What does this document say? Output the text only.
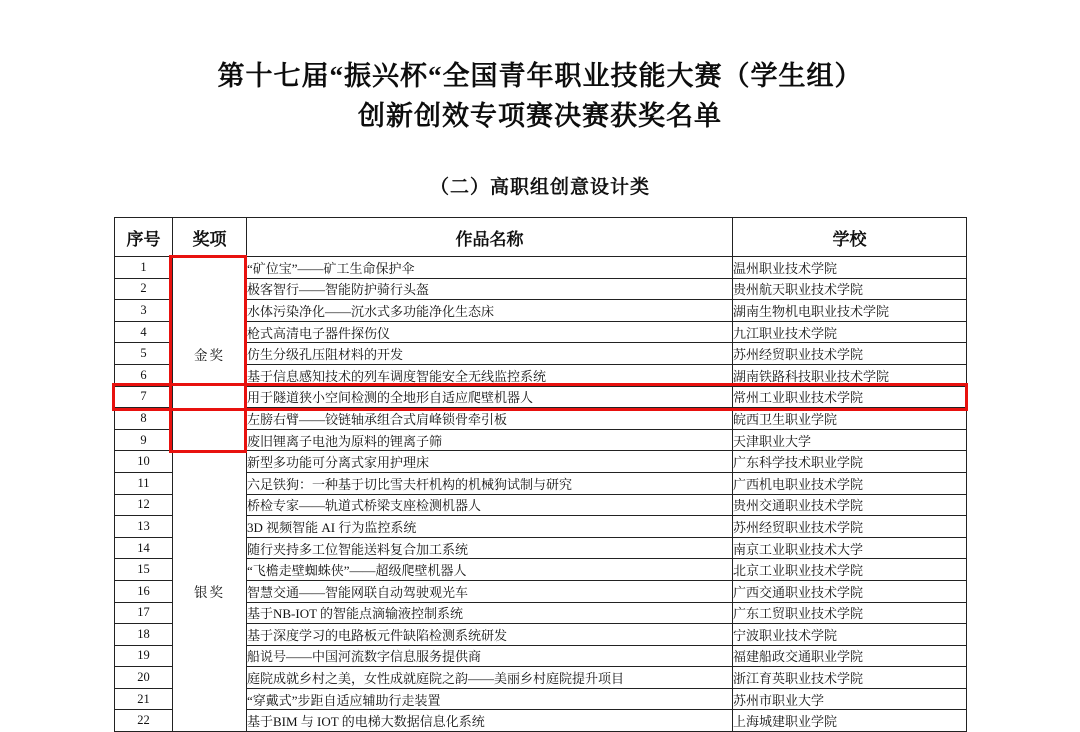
第十七届“振兴杯“全国青年职业技能大赛（学生组）
创新创效专项赛决赛获奖名单
（二）高职组创意设计类
序号	奖项	作品名称	学校
1	金奖	“矿位宝”——矿工生命保护伞	温州职业技术学院
2		极客智行——智能防护骑行头盔	贵州航天职业技术学院
3		水体污染净化——沉水式多功能净化生态床	湖南生物机电职业技术学院
4		枪式高清电子器件探伤仪	九江职业技术学院
5		仿生分级孔压阻材料的开发	苏州经贸职业技术学院
6		基于信息感知技术的列车调度智能安全无线监控系统	湖南铁路科技职业技术学院
7		用于隧道狭小空间检测的全地形自适应爬壁机器人	常州工业职业技术学院
8		左膀右臂——铰链轴承组合式肩峰锁骨牵引板	皖西卫生职业学院
9		废旧锂离子电池为原料的锂离子筛	天津职业大学
10	银奖	新型多功能可分离式家用护理床	广东科学技术职业学院
11		六足铁狗：一种基于切比雪夫杆机构的机械狗试制与研究	广西机电职业技术学院
12		桥检专家——轨道式桥梁支座检测机器人	贵州交通职业技术学院
13		3D 视频智能 AI 行为监控系统	苏州经贸职业技术学院
14		随行夹持多工位智能送料复合加工系统	南京工业职业技术大学
15		“飞檐走壁蜘蛛侠”——超级爬壁机器人	北京工业职业技术学院
16		智慧交通——智能网联自动驾驶观光车	广西交通职业技术学院
17		基于NB-IOT 的智能点滴输液控制系统	广东工贸职业技术学院
18		基于深度学习的电路板元件缺陷检测系统研发	宁波职业技术学院
19		船说号——中国河流数字信息服务提供商	福建船政交通职业学院
20		庭院成就乡村之美，女性成就庭院之韵——美丽乡村庭院提升项目	浙江育英职业技术学院
21		“穿戴式”步距自适应辅助行走装置	苏州市职业大学
22		基于BIM 与 IOT 的电梯大数据信息化系统	上海城建职业学院
